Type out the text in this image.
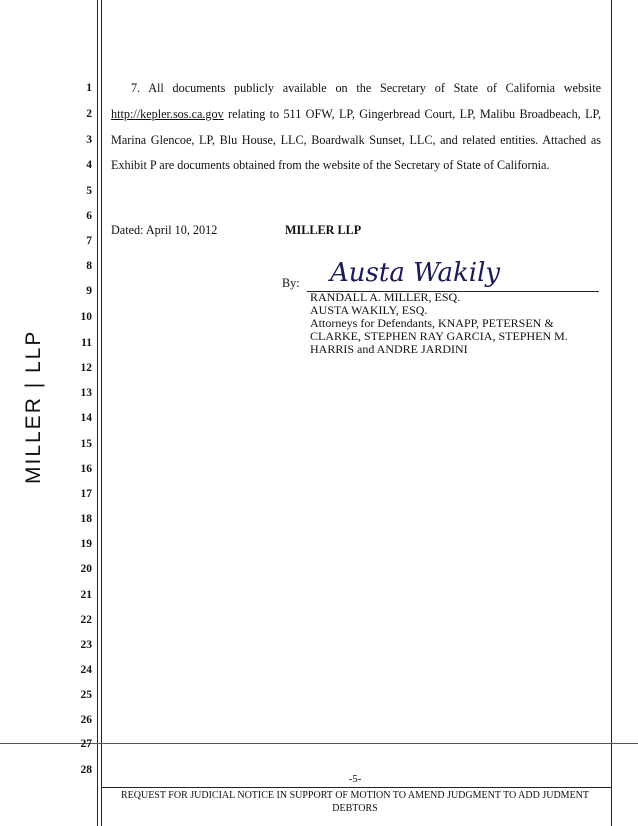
MILLER | LLP
1
2
3
4
5
6
7
8
9
10
11
12
13
14
15
16
17
18
19
20
21
22
23
24
25
26
27
28
7. All documents publicly available on the Secretary of State of California website
http://kepler.sos.ca.gov relating to 511 OFW, LP, Gingerbread Court, LP, Malibu Broadbeach, LP,
Marina Glencoe, LP, Blu House, LLC, Boardwalk Sunset, LLC, and related entities. Attached as
Exhibit P are documents obtained from the website of the Secretary of State of California.
Dated: April 10, 2012	MILLER LLP
By:	Austa Wakily
RANDALL A. MILLER, ESQ.
AUSTA WAKILY, ESQ.
Attorneys for Defendants, KNAPP, PETERSEN &
CLARKE, STEPHEN RAY GARCIA, STEPHEN M.
HARRIS and ANDRE JARDINI
-5-
REQUEST FOR JUDICIAL NOTICE IN SUPPORT OF MOTION TO AMEND JUDGMENT TO ADD JUDMENT
DEBTORS
